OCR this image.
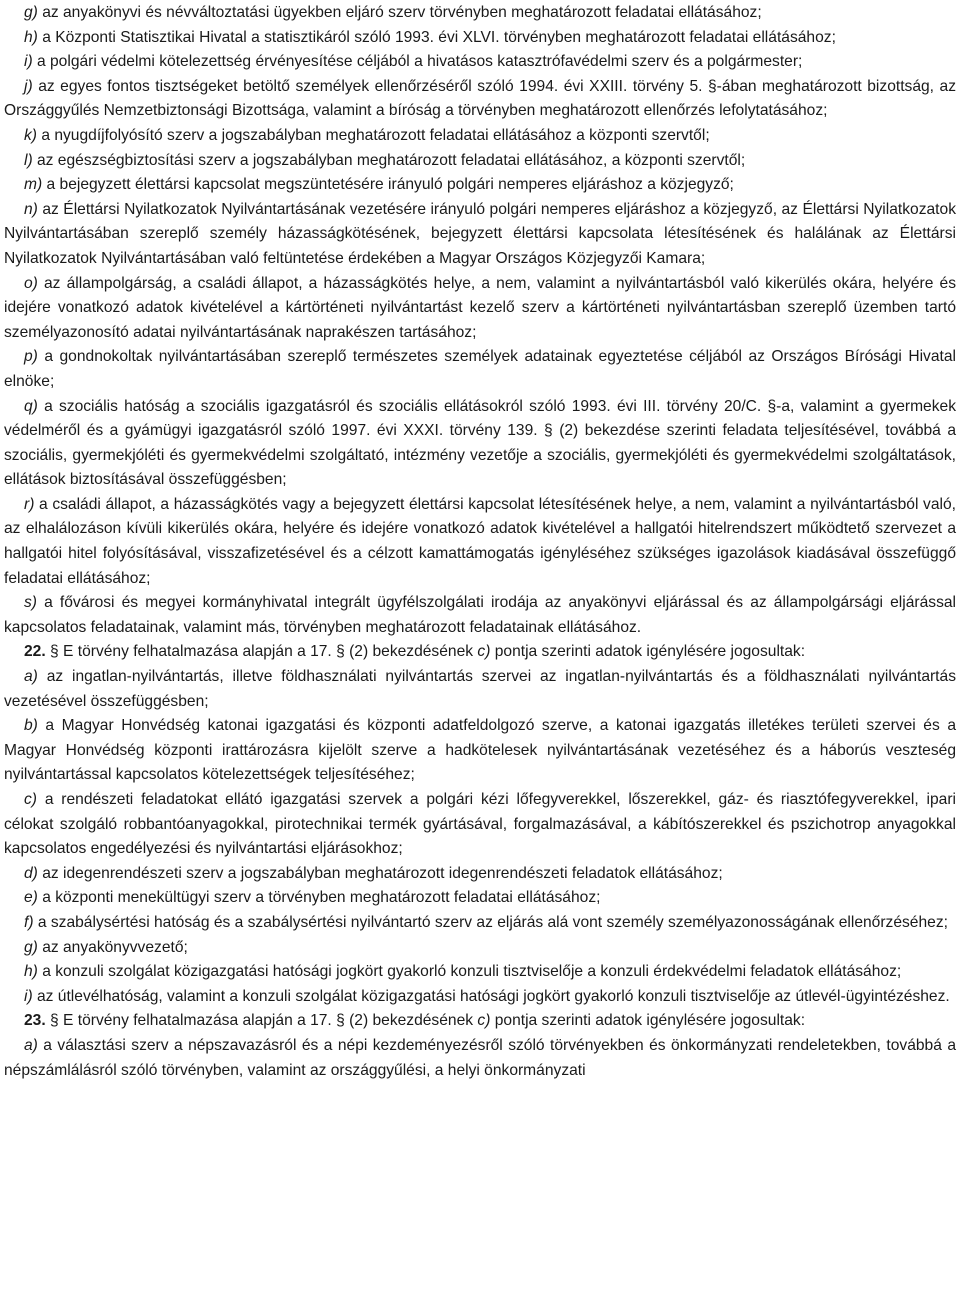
g) az anyakönyvi és névváltoztatási ügyekben eljáró szerv törvényben meghatározott feladatai ellátásához;
h) a Központi Statisztikai Hivatal a statisztikáról szóló 1993. évi XLVI. törvényben meghatározott feladatai ellátásához;
i) a polgári védelmi kötelezettség érvényesítése céljából a hivatásos katasztrófavédelmi szerv és a polgármester;
j) az egyes fontos tisztségeket betöltő személyek ellenőrzéséről szóló 1994. évi XXIII. törvény 5. §-ában meghatározott bizottság, az Országgyűlés Nemzetbiztonsági Bizottsága, valamint a bíróság a törvényben meghatározott ellenőrzés lefolytatásához;
k) a nyugdíjfolyósító szerv a jogszabályban meghatározott feladatai ellátásához a központi szervtől;
l) az egészségbiztosítási szerv a jogszabályban meghatározott feladatai ellátásához, a központi szervtől;
m) a bejegyzett élettársi kapcsolat megszüntetésére irányuló polgári nemperes eljáráshoz a közjegyző;
n) az Élettársi Nyilatkozatok Nyilvántartásának vezetésére irányuló polgári nemperes eljáráshoz a közjegyző, az Élettársi Nyilatkozatok Nyilvántartásában szereplő személy házasságkötésének, bejegyzett élettársi kapcsolata létesítésének és halálának az Élettársi Nyilatkozatok Nyilvántartásában való feltüntetése érdekében a Magyar Országos Közjegyzői Kamara;
o) az állampolgárság, a családi állapot, a házasságkötés helye, a nem, valamint a nyilvántartásból való kikerülés okára, helyére és idejére vonatkozó adatok kivételével a kártörténeti nyilvántartást kezelő szerv a kártörténeti nyilvántartásban szereplő üzemben tartó személyazonosító adatai nyilvántartásának naprakészen tartásához;
p) a gondnokoltak nyilvántartásában szereplő természetes személyek adatainak egyeztetése céljából az Országos Bírósági Hivatal elnöke;
q) a szociális hatóság a szociális igazgatásról és szociális ellátásokról szóló 1993. évi III. törvény 20/C. §-a, valamint a gyermekek védelméről és a gyámügyi igazgatásról szóló 1997. évi XXXI. törvény 139. § (2) bekezdése szerinti feladata teljesítésével, továbbá a szociális, gyermekjóléti és gyermekvédelmi szolgáltató, intézmény vezetője a szociális, gyermekjóléti és gyermekvédelmi szolgáltatások, ellátások biztosításával összefüggésben;
r) a családi állapot, a házasságkötés vagy a bejegyzett élettársi kapcsolat létesítésének helye, a nem, valamint a nyilvántartásból való, az elhalálozáson kívüli kikerülés okára, helyére és idejére vonatkozó adatok kivételével a hallgatói hitelrendszert működtető szervezet a hallgatói hitel folyósításával, visszafizetésével és a célzott kamattámogatás igényléséhez szükséges igazolások kiadásával összefüggő feladatai ellátásához;
s) a fővárosi és megyei kormányhivatal integrált ügyfélszolgálati irodája az anyakönyvi eljárással és az állampolgársági eljárással kapcsolatos feladatainak, valamint más, törvényben meghatározott feladatainak ellátásához.
22. § E törvény felhatalmazása alapján a 17. § (2) bekezdésének c) pontja szerinti adatok igénylésére jogosultak:
a) az ingatlan-nyilvántartás, illetve földhasználati nyilvántartás szervei az ingatlan-nyilvántartás és a földhasználati nyilvántartás vezetésével összefüggésben;
b) a Magyar Honvédség katonai igazgatási és központi adatfeldolgozó szerve, a katonai igazgatás illetékes területi szervei és a Magyar Honvédség központi irattározásra kijelölt szerve a hadkötelesek nyilvántartásának vezetéséhez és a háborús veszteség nyilvántartással kapcsolatos kötelezettségek teljesítéséhez;
c) a rendészeti feladatokat ellátó igazgatási szervek a polgári kézi lőfegyverekkel, lőszerekkel, gáz- és riasztófegyverekkel, ipari célokat szolgáló robbantóanyagokkal, pirotechnikai termék gyártásával, forgalmazásával, a kábítószerekkel és pszichotrop anyagokkal kapcsolatos engedélyezési és nyilvántartási eljárásokhoz;
d) az idegenrendészeti szerv a jogszabályban meghatározott idegenrendészeti feladatok ellátásához;
e) a központi menekültügyi szerv a törvényben meghatározott feladatai ellátásához;
f) a szabálysértési hatóság és a szabálysértési nyilvántartó szerv az eljárás alá vont személy személyazonosságának ellenőrzéséhez;
g) az anyakönyvvezető;
h) a konzuli szolgálat közigazgatási hatósági jogkört gyakorló konzuli tisztviselője a konzuli érdekvédelmi feladatok ellátásához;
i) az útlevélhatóság, valamint a konzuli szolgálat közigazgatási hatósági jogkört gyakorló konzuli tisztviselője az útlevél-ügyintézéshez.
23. § E törvény felhatalmazása alapján a 17. § (2) bekezdésének c) pontja szerinti adatok igénylésére jogosultak:
a) a választási szerv a népszavazásról és a népi kezdeményezésről szóló törvényekben és önkormányzati rendeletekben, továbbá a népszámlálásról szóló törvényben, valamint az országgyűlési, a helyi önkormányzati
